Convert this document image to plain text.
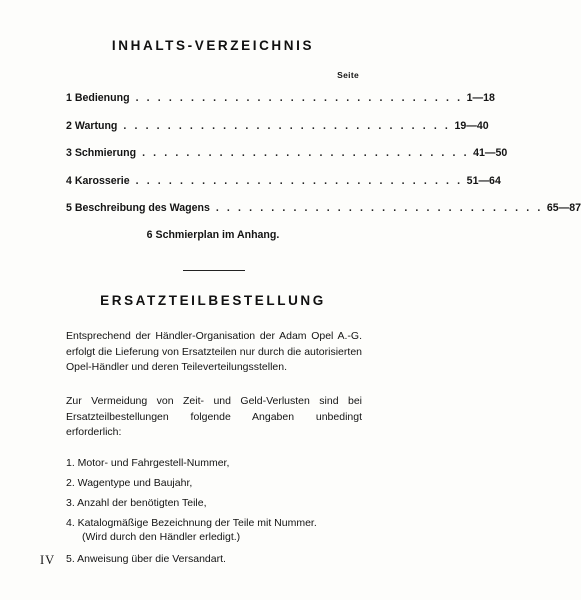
INHALTS-VERZEICHNIS
Seite
1 Bedienung . . . . . . . . . . . . . . . . . . . . . . . . . . . . . . 1—18
2 Wartung . . . . . . . . . . . . . . . . . . . . . . . . . . . . . . 19—40
3 Schmierung . . . . . . . . . . . . . . . . . . . . . . . . . . . . . . 41—50
4 Karosserie . . . . . . . . . . . . . . . . . . . . . . . . . . . . . . 51—64
5 Beschreibung des Wagens . . . . . . . . . . . . . . . . . . . . . . . . . . . . . . 65—87
6 Schmierplan im Anhang.
ERSATZTEILBESTELLUNG
Entsprechend der Händler-Organisation der Adam Opel A.-G. erfolgt die Lieferung von Ersatzteilen nur durch die autorisierten Opel-Händler und deren Teileverteilungsstellen.
Zur Vermeidung von Zeit- und Geld-Verlusten sind bei Ersatzteilbestellungen folgende Angaben unbedingt erforderlich:
1. Motor- und Fahrgestell-Nummer,
2. Wagentype und Baujahr,
3. Anzahl der benötigten Teile,
4. Katalogmäßige Bezeichnung der Teile mit Nummer.
(Wird durch den Händler erledigt.)
5. Anweisung über die Versandart.
IV
